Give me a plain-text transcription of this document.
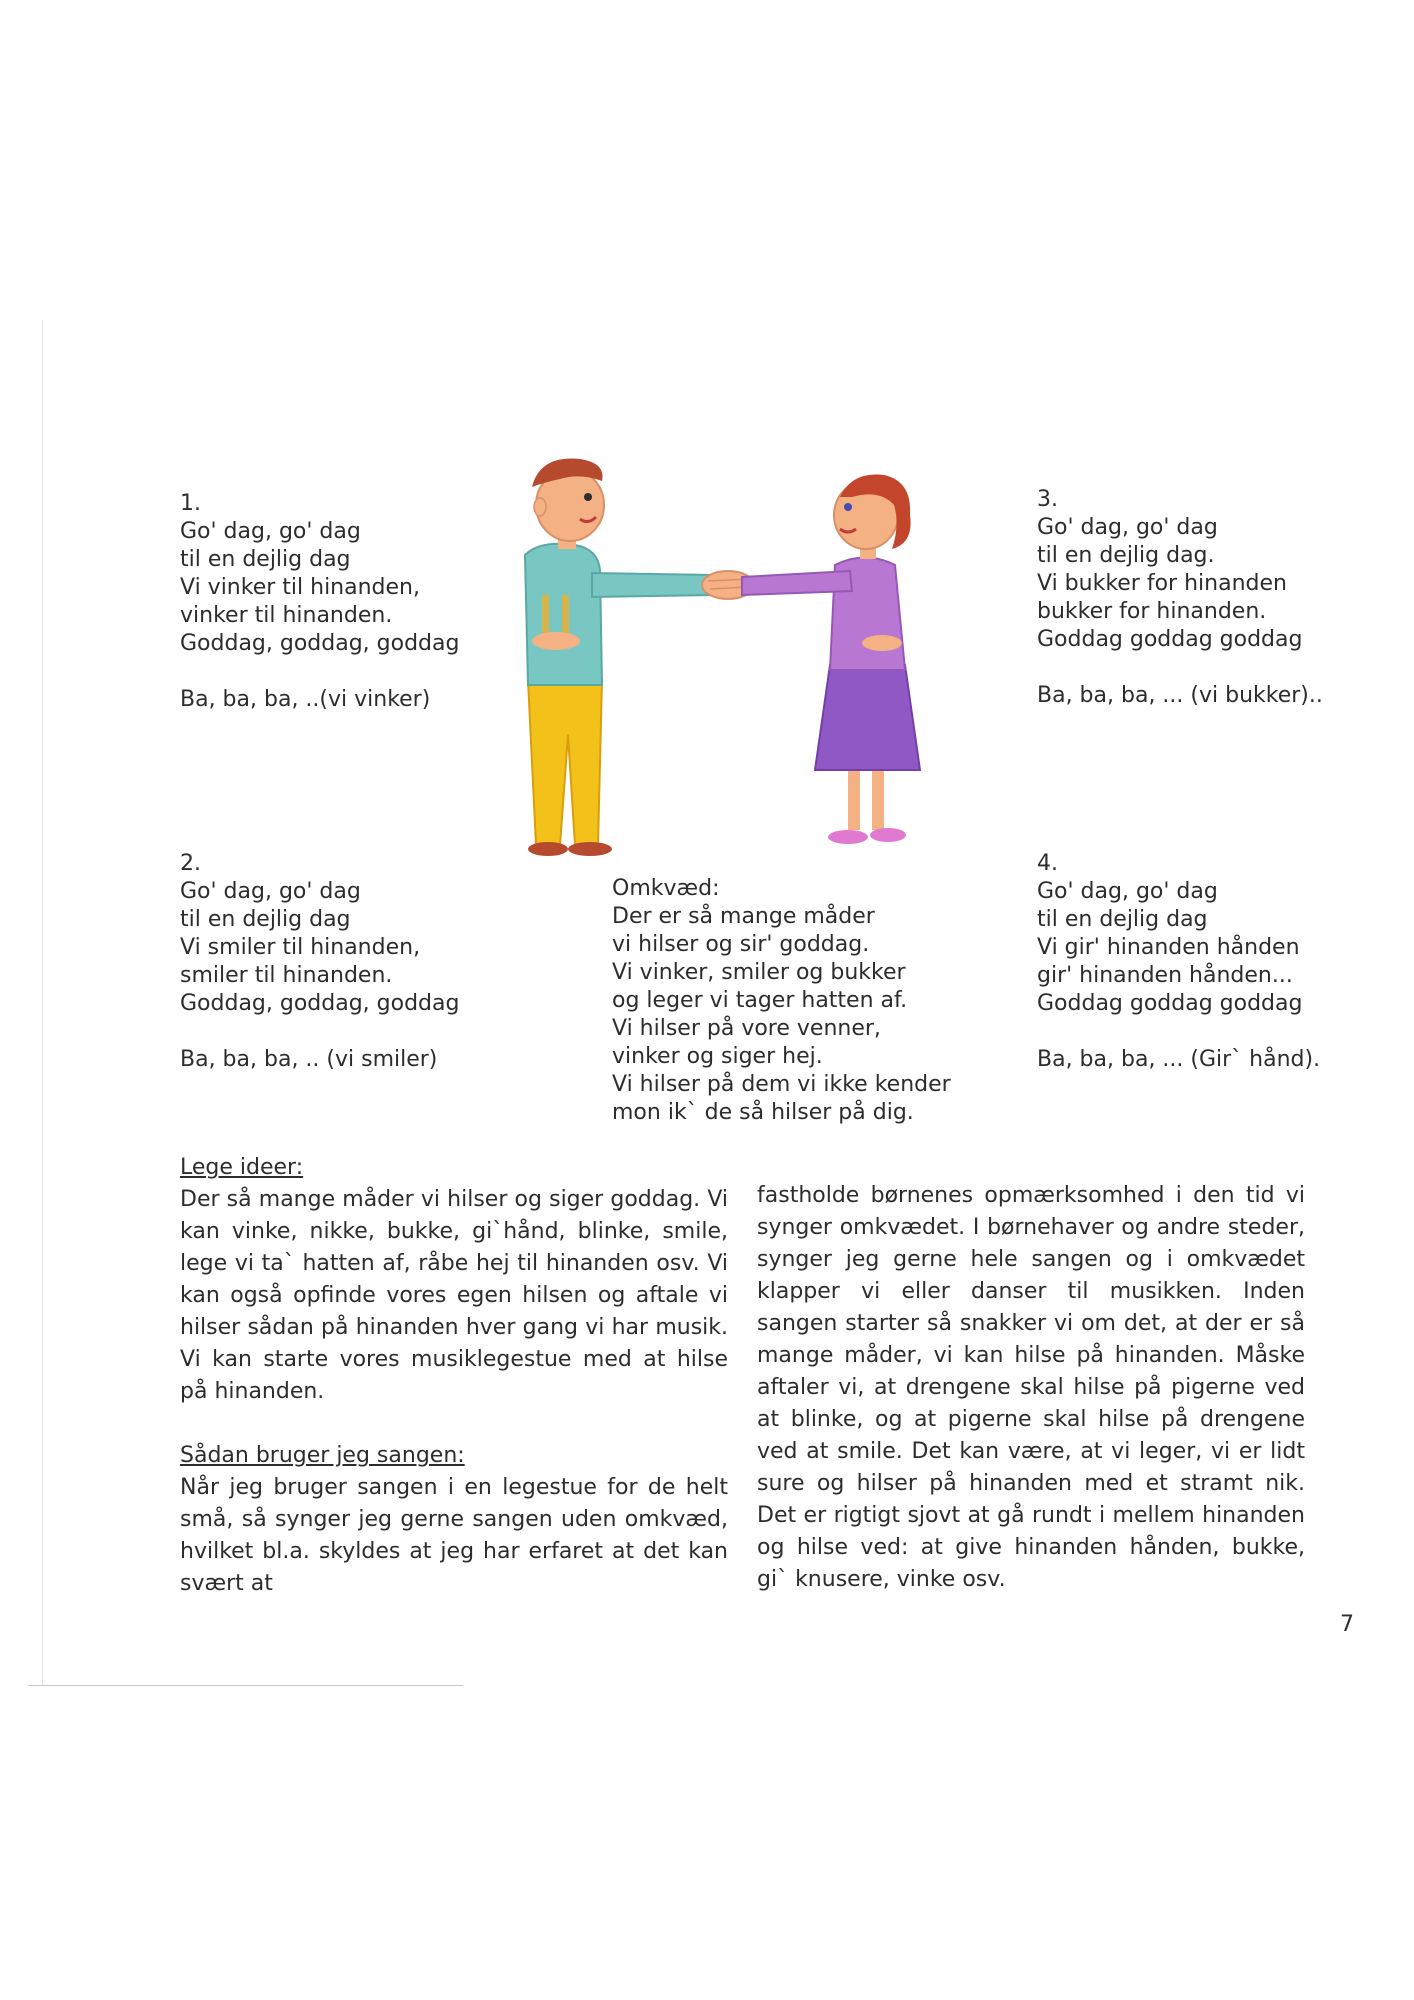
1.
Go' dag, go' dag
til en dejlig dag
Vi vinker til hinanden,
vinker til hinanden.
Goddag, goddag, goddag
Ba, ba, ba, ..(vi vinker)
2.
Go' dag, go' dag
til en dejlig dag
Vi smiler til hinanden,
smiler til hinanden.
Goddag, goddag, goddag
Ba, ba, ba, .. (vi smiler)
3.
Go' dag, go' dag
til en dejlig dag.
Vi bukker for hinanden
bukker for hinanden.
Goddag goddag goddag
Ba, ba, ba, ... (vi bukker)..
4.
Go' dag, go' dag
til en dejlig dag
Vi gir' hinanden hånden
gir' hinanden hånden...
Goddag goddag goddag
Ba, ba, ba, ... (Gir` hånd).
Omkvæd:
Der er så mange måder
vi hilser og sir' goddag.
Vi vinker, smiler og bukker
og leger vi tager hatten af.
Vi hilser på vore venner,
vinker og siger hej.
Vi hilser på dem vi ikke kender
mon ik` de så hilser på dig.
Lege ideer:
Der så mange måder vi hilser og siger goddag. Vi kan vinke, nikke, bukke, gi`hånd, blinke, smile, lege vi ta` hatten af, råbe hej til hinanden osv. Vi kan også opfinde vores egen hilsen og aftale vi hilser sådan på hinanden hver gang vi har musik. Vi kan starte vores musiklegestue med at hilse på hinanden.
Sådan bruger jeg sangen:
Når jeg bruger sangen i en legestue for de helt små, så synger jeg gerne sangen uden omkvæd, hvilket bl.a. skyldes at jeg har erfaret at det kan svært at
fastholde børnenes opmærksomhed i den tid vi synger omkvædet. I børnehaver og andre steder, synger jeg gerne hele sangen og i omkvædet klapper vi eller danser til musikken. Inden sangen starter så snakker vi om det, at der er så mange måder, vi kan hilse på hinanden. Måske aftaler vi, at drengene skal hilse på pigerne ved at blinke, og at pigerne skal hilse på drengene ved at smile. Det kan være, at vi leger, vi er lidt sure og hilser på hinanden med et stramt nik. Det er rigtigt sjovt at gå rundt i mellem hinanden og hilse ved: at give hinanden hånden, bukke, gi` knusere, vinke osv.
7
